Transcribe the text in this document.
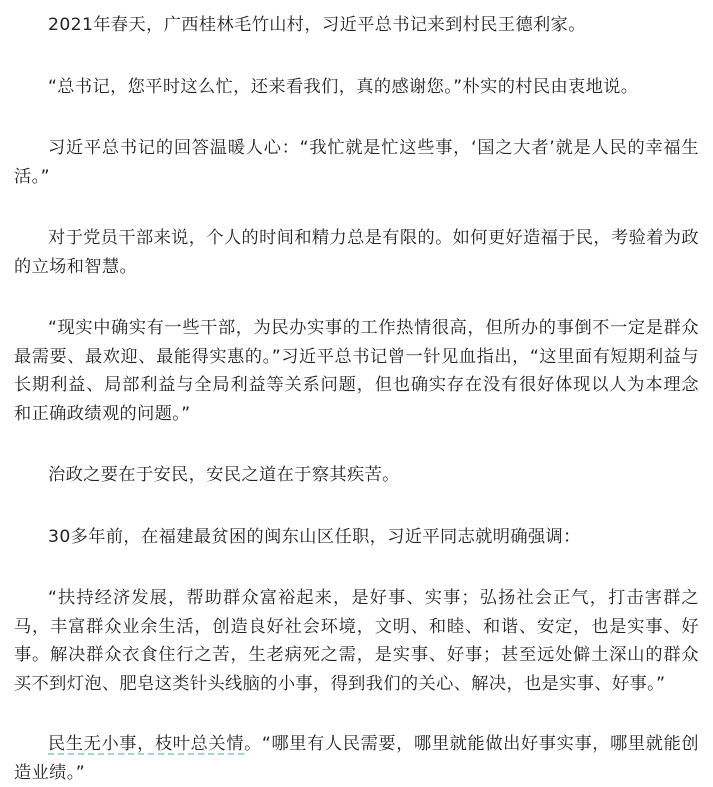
2021年春天，广西桂林毛竹山村，习近平总书记来到村民王德利家。

“总书记，您平时这么忙，还来看我们，真的感谢您。”朴实的村民由衷地说。

习近平总书记的回答温暖人心：“我忙就是忙这些事，‘国之大者’就是人民的幸福生活。”

对于党员干部来说，个人的时间和精力总是有限的。如何更好造福于民，考验着为政的立场和智慧。

“现实中确实有一些干部，为民办实事的工作热情很高，但所办的事倒不一定是群众最需要、最欢迎、最能得实惠的。”习近平总书记曾一针见血指出，“这里面有短期利益与长期利益、局部利益与全局利益等关系问题，但也确实存在没有很好体现以人为本理念和正确政绩观的问题。”

治政之要在于安民，安民之道在于察其疾苦。

30多年前，在福建最贫困的闽东山区任职，习近平同志就明确强调：

“扶持经济发展，帮助群众富裕起来，是好事、实事；弘扬社会正气，打击害群之马，丰富群众业余生活，创造良好社会环境，文明、和睦、和谐、安定，也是实事、好事。解决群众衣食住行之苦，生老病死之需，是实事、好事；甚至远处僻土深山的群众买不到灯泡、肥皂这类针头线脑的小事，得到我们的关心、解决，也是实事、好事。”

民生无小事，枝叶总关情。“哪里有人民需要，哪里就能做出好事实事，哪里就能创造业绩。”
